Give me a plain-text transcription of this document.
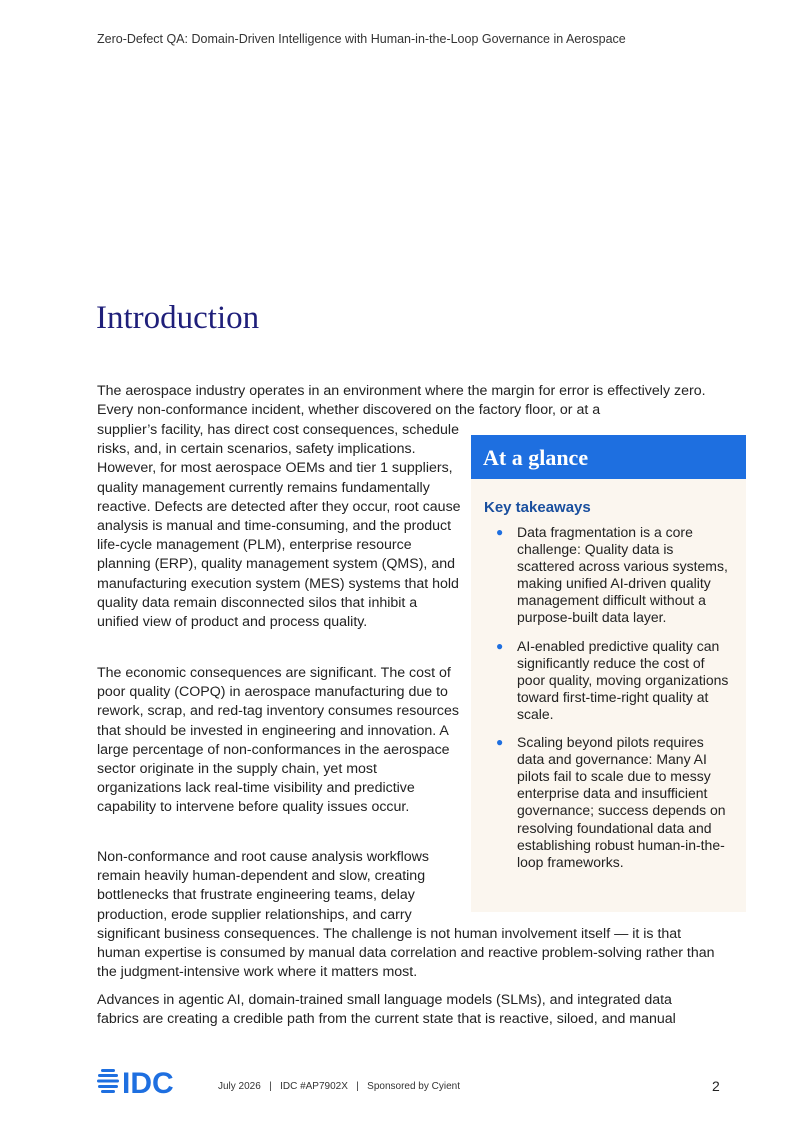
Zero-Defect QA: Domain-Driven Intelligence with Human-in-the-Loop Governance in Aerospace
Introduction

The aerospace industry operates in an environment where the margin for error is effectively zero. Every non-conformance incident, whether discovered on the factory floor, or at a

supplier’s facility, has direct cost consequences, schedule risks, and, in certain scenarios, safety implications. However, for most aerospace OEMs and tier 1 suppliers, quality management currently remains fundamentally reactive. Defects are detected after they occur, root cause analysis is manual and time-consuming, and the product life-cycle management (PLM), enterprise resource planning (ERP), quality management system (QMS), and manufacturing execution system (MES) systems that hold quality data remain disconnected silos that inhibit a unified view of product and process quality.

The economic consequences are significant. The cost of poor quality (COPQ) in aerospace manufacturing due to rework, scrap, and red-tag inventory consumes resources that should be invested in engineering and innovation. A large percentage of non-conformances in the aerospace sector originate in the supply chain, yet most organizations lack real-time visibility and predictive capability to intervene before quality issues occur.

Non-conformance and root cause analysis workflows remain heavily human-dependent and slow, creating bottlenecks that frustrate engineering teams, delay production, erode supplier relationships, and carry

significant business consequences. The challenge is not human involvement itself — it is that human expertise is consumed by manual data correlation and reactive problem-solving rather than the judgment-intensive work where it matters most.

Advances in agentic AI, domain-trained small language models (SLMs), and integrated data fabrics are creating a credible path from the current state that is reactive, siloed, and manual

At a glance
Key takeaways
● Data fragmentation is a core challenge: Quality data is scattered across various systems, making unified AI-driven quality management difficult without a purpose-built data layer.
● AI-enabled predictive quality can significantly reduce the cost of poor quality, moving organizations toward first-time-right quality at scale.
● Scaling beyond pilots requires data and governance: Many AI pilots fail to scale due to messy enterprise data and insufficient governance; success depends on resolving foundational data and establishing robust human-in-the-loop frameworks.
IDC	July 2026   |   IDC #AP7902X   |   Sponsored by Cyient	2
